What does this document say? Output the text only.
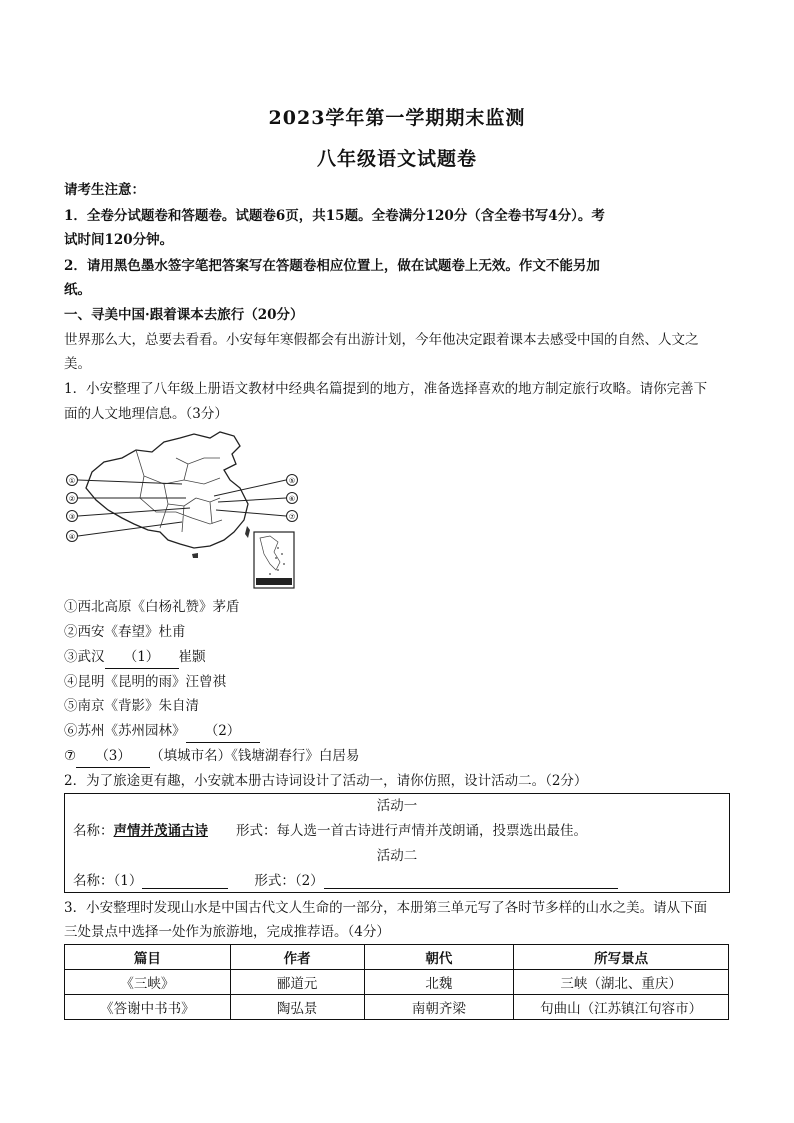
2023学年第一学期期末监测
八年级语文试题卷
请考生注意：
1．全卷分试题卷和答题卷。试题卷6页，共15题。全卷满分120分（含全卷书写4分）。考
试时间120分钟。
2．请用黑色墨水签字笔把答案写在答题卷相应位置上，做在试题卷上无效。作文不能另加
纸。
一、寻美中国·跟着课本去旅行（20分）
世界那么大，总要去看看。小安每年寒假都会有出游计划，今年他决定跟着课本去感受中国的自然、人文之
美。
1．小安整理了八年级上册语文教材中经典名篇提到的地方，准备选择喜欢的地方制定旅行攻略。请你完善下
面的人文地理信息。（3分）
①
②
③
④
⑤
⑥
⑦
①西北高原《白杨礼赞》茅盾
②西安《春望》杜甫
③武汉 （1） 崔颢
④昆明《昆明的雨》汪曾祺
⑤南京《背影》朱自清
⑥苏州《苏州园林》 （2）
⑦ （3） （填城市名）《钱塘湖春行》白居易
2．为了旅途更有趣，小安就本册古诗词设计了活动一，请你仿照，设计活动二。（2分）
活动一
名称：声情并茂诵古诗 形式：每人选一首古诗进行声情并茂朗诵，投票选出最佳。
活动二
名称：（1）	形式：（2）
3．小安整理时发现山水是中国古代文人生命的一部分，本册第三单元写了各时节多样的山水之美。请从下面
三处景点中选择一处作为旅游地，完成推荐语。（4分）
篇目	作者	朝代	所写景点
《三峡》	郦道元	北魏	三峡（湖北、重庆）
《答谢中书书》	陶弘景	南朝齐梁	句曲山（江苏镇江句容市）
